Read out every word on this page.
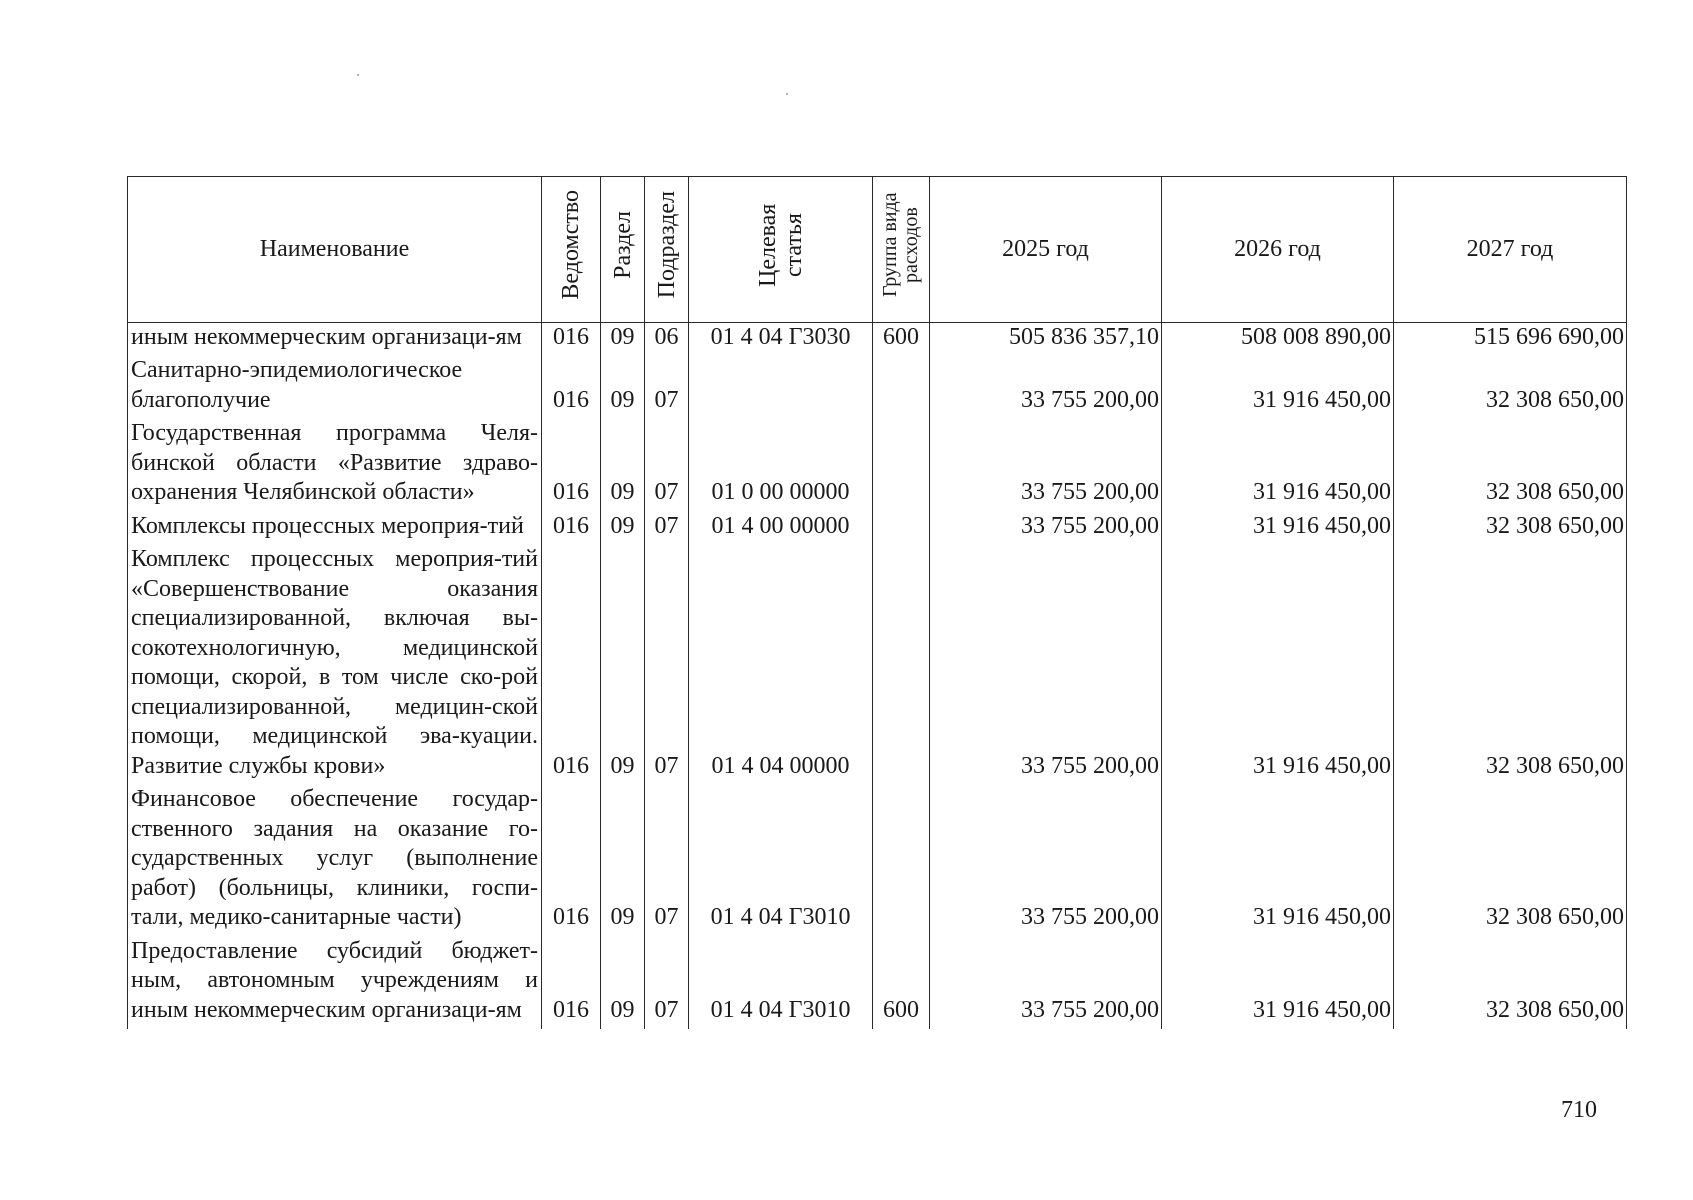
Наименование	Ведомство	Раздел	Подраздел	Целевая статья	Группа вида расходов	2025 год	2026 год	2027 год
иным некоммерческим организаци-ям	016	09	06	01 4 04 Г3030	600	505 836 357,10	508 008 890,00	515 696 690,00
Санитарно-эпидемиологическое благополучие	016	09	07			33 755 200,00	31 916 450,00	32 308 650,00
Государственная программа Челя-бинской области «Развитие здраво-охранения Челябинской области»	016	09	07	01 0 00 00000		33 755 200,00	31 916 450,00	32 308 650,00
Комплексы процессных мероприя-тий	016	09	07	01 4 00 00000		33 755 200,00	31 916 450,00	32 308 650,00
Комплекс процессных мероприя-тий «Совершенствование оказания специализированной, включая вы-сокотехнологичную, медицинской помощи, скорой, в том числе ско-рой специализированной, медицин-ской помощи, медицинской эва-куации. Развитие службы крови»	016	09	07	01 4 04 00000		33 755 200,00	31 916 450,00	32 308 650,00
Финансовое обеспечение государ-ственного задания на оказание го-сударственных услуг (выполнение работ) (больницы, клиники, госпи-тали, медико-санитарные части)	016	09	07	01 4 04 Г3010		33 755 200,00	31 916 450,00	32 308 650,00
Предоставление субсидий бюджет-ным, автономным учреждениям и иным некоммерческим организаци-ям	016	09	07	01 4 04 Г3010	600	33 755 200,00	31 916 450,00	32 308 650,00
710
